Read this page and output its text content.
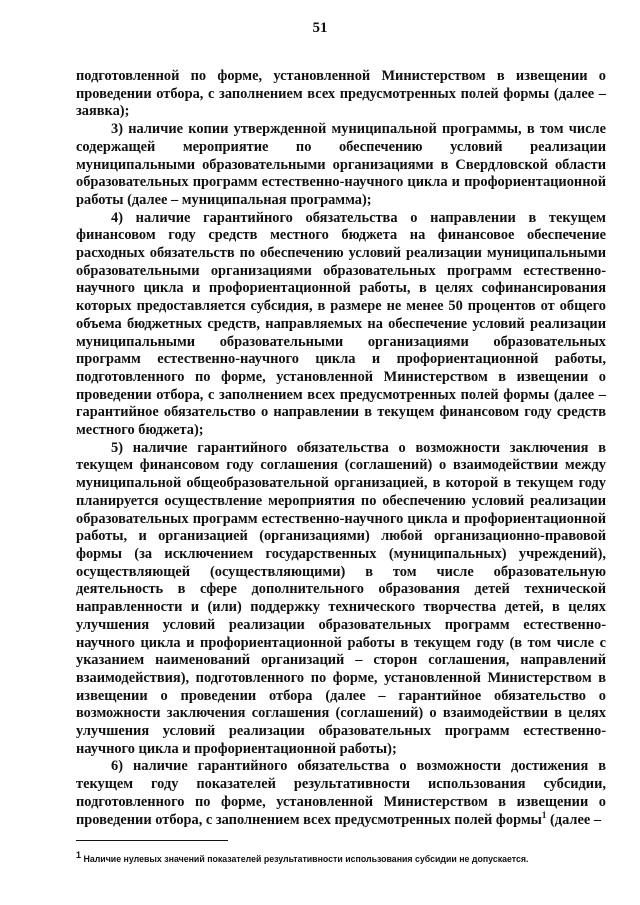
51

подготовленной по форме, установленной Министерством в извещении о проведении отбора, с заполнением всех предусмотренных полей формы (далее – заявка);

3) наличие копии утвержденной муниципальной программы, в том числе содержащей мероприятие по обеспечению условий реализации муниципальными образовательными организациями в Свердловской области образовательных программ естественно-научного цикла и профориентационной работы (далее – муниципальная программа);

4) наличие гарантийного обязательства о направлении в текущем финансовом году средств местного бюджета на финансовое обеспечение расходных обязательств по обеспечению условий реализации муниципальными образовательными организациями образовательных программ естественно-научного цикла и профориентационной работы, в целях софинансирования которых предоставляется субсидия, в размере не менее 50 процентов от общего объема бюджетных средств, направляемых на обеспечение условий реализации муниципальными образовательными организациями образовательных программ естественно-научного цикла и профориентационной работы, подготовленного по форме, установленной Министерством в извещении о проведении отбора, с заполнением всех предусмотренных полей формы (далее – гарантийное обязательство о направлении в текущем финансовом году средств местного бюджета);

5) наличие гарантийного обязательства о возможности заключения в текущем финансовом году соглашения (соглашений) о взаимодействии между муниципальной общеобразовательной организацией, в которой в текущем году планируется осуществление мероприятия по обеспечению условий реализации образовательных программ естественно-научного цикла и профориентационной работы, и организацией (организациями) любой организационно-правовой формы (за исключением государственных (муниципальных) учреждений), осуществляющей (осуществляющими) в том числе образовательную деятельность в сфере дополнительного образования детей технической направленности и (или) поддержку технического творчества детей, в целях улучшения условий реализации образовательных программ естественно-научного цикла и профориентационной работы в текущем году (в том числе с указанием наименований организаций – сторон соглашения, направлений взаимодействия), подготовленного по форме, установленной Министерством в извещении о проведении отбора (далее – гарантийное обязательство о возможности заключения соглашения (соглашений) о взаимодействии в целях улучшения условий реализации образовательных программ естественно-научного цикла и профориентационной работы);

6) наличие гарантийного обязательства о возможности достижения в текущем году показателей результативности использования субсидии, подготовленного по форме, установленной Министерством в извещении о проведении отбора, с заполнением всех предусмотренных полей формы$^1$ (далее –

$^1$ Наличие нулевых значений показателей результативности использования субсидии не допускается.
